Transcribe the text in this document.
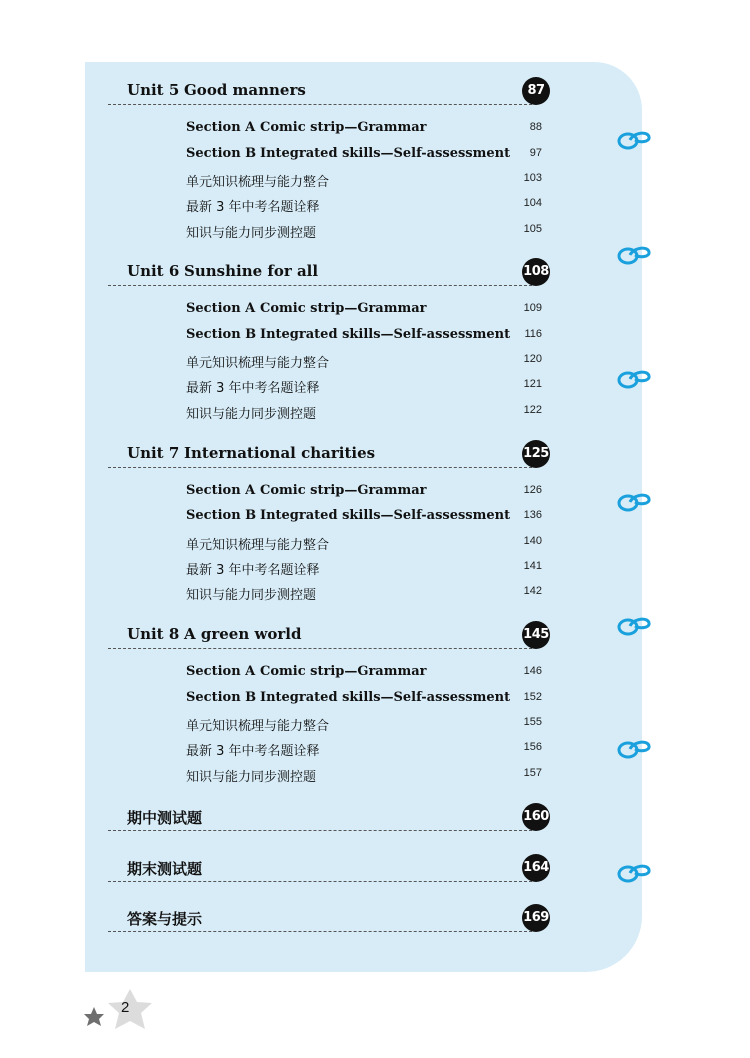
Unit 5 Good manners	87
Section A Comic strip—Grammar	88
Section B Integrated skills—Self-assessment 97
单元知识梳理与能力整合	103
最新 3 年中考名题诠释	104
知识与能力同步测控题	105
Unit 6 Sunshine for all	108
Section A Comic strip—Grammar	109
Section B Integrated skills—Self-assessment 116
单元知识梳理与能力整合	120
最新 3 年中考名题诠释	121
知识与能力同步测控题	122
Unit 7 International charities	125
Section A Comic strip—Grammar	126
Section B Integrated skills—Self-assessment 136
单元知识梳理与能力整合	140
最新 3 年中考名题诠释	141
知识与能力同步测控题	142
Unit 8 A green world	145
Section A Comic strip—Grammar	146
Section B Integrated skills—Self-assessment 152
单元知识梳理与能力整合	155
最新 3 年中考名题诠释	156
知识与能力同步测控题	157
期中测试题	160
期末测试题	164
答案与提示	169
2
